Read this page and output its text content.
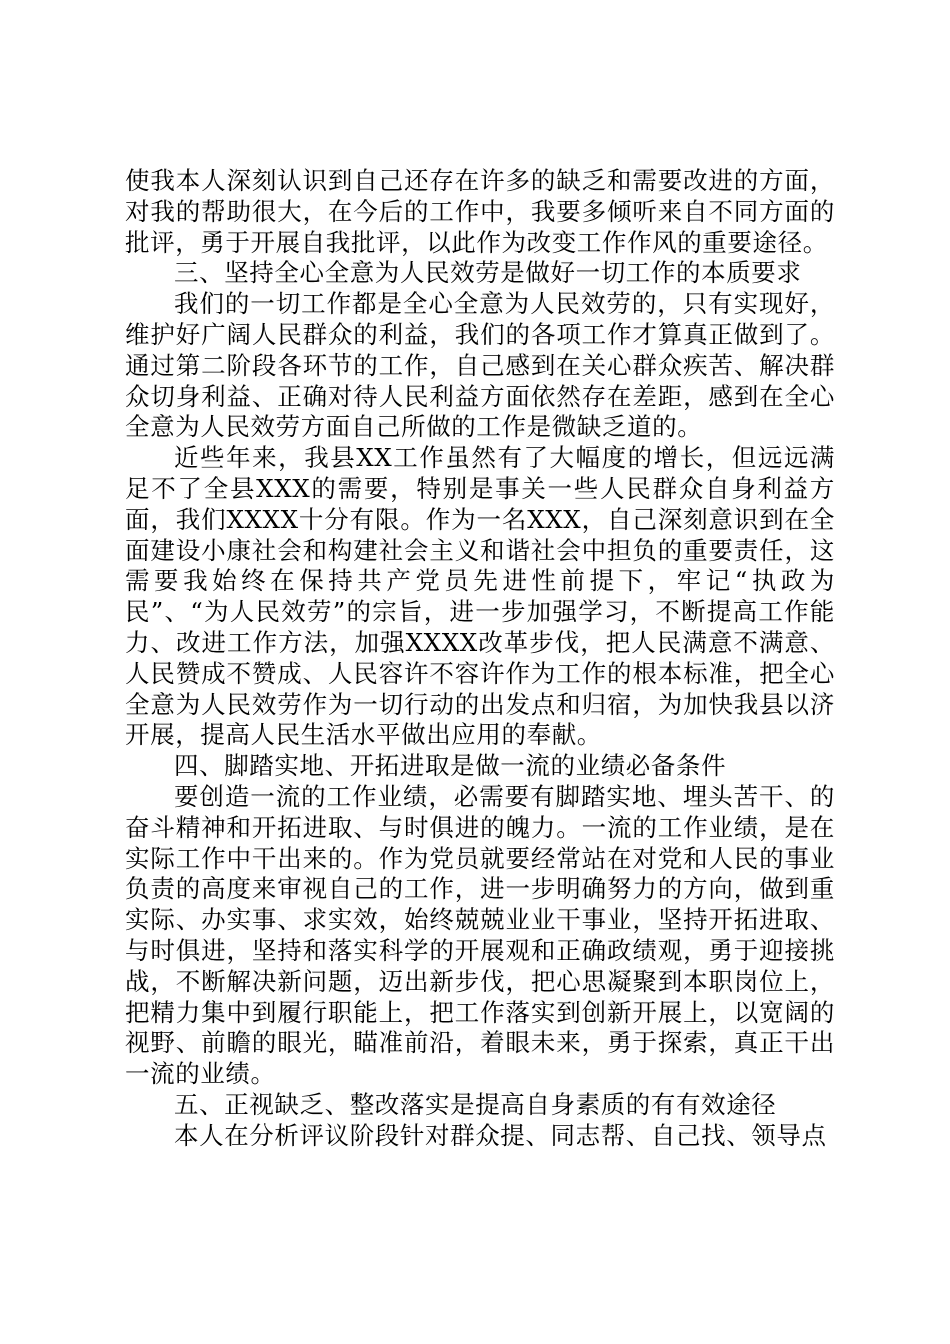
使我本人深刻认识到自己还存在许多的缺乏和需要改进的方面，对我的帮助很大，在今后的工作中，我要多倾听来自不同方面的批评，勇于开展自我批评，以此作为改变工作作风的重要途径。

三、坚持全心全意为人民效劳是做好一切工作的本质要求

我们的一切工作都是全心全意为人民效劳的，只有实现好，维护好广阔人民群众的利益，我们的各项工作才算真正做到了。通过第二阶段各环节的工作，自己感到在关心群众疾苦、解决群众切身利益、正确对待人民利益方面依然存在差距，感到在全心全意为人民效劳方面自己所做的工作是微缺乏道的。

近些年来，我县XX工作虽然有了大幅度的增长，但远远满足不了全县XXX的需要，特别是事关一些人民群众自身利益方面，我们XXXX十分有限。作为一名XXX，自己深刻意识到在全面建设小康社会和构建社会主义和谐社会中担负的重要责任，这需要我始终在保持共产党员先进性前提下，牢记“执政为民”、“为人民效劳”的宗旨，进一步加强学习，不断提高工作能力、改进工作方法，加强XXXX改革步伐，把人民满意不满意、人民赞成不赞成、人民容许不容许作为工作的根本标准，把全心全意为人民效劳作为一切行动的出发点和归宿，为加快我县以济开展，提高人民生活水平做出应用的奉献。

四、脚踏实地、开拓进取是做一流的业绩必备条件

要创造一流的工作业绩，必需要有脚踏实地、埋头苦干、的奋斗精神和开拓进取、与时俱进的魄力。一流的工作业绩，是在实际工作中干出来的。作为党员就要经常站在对党和人民的事业负责的高度来审视自己的工作，进一步明确努力的方向，做到重实际、办实事、求实效，始终兢兢业业干事业，坚持开拓进取、与时俱进，坚持和落实科学的开展观和正确政绩观，勇于迎接挑战，不断解决新问题，迈出新步伐，把心思凝聚到本职岗位上，把精力集中到履行职能上，把工作落实到创新开展上，以宽阔的视野、前瞻的眼光，瞄准前沿，着眼未来，勇于探索，真正干出一流的业绩。

五、正视缺乏、整改落实是提高自身素质的有有效途径

本人在分析评议阶段针对群众提、同志帮、自己找、领导点
